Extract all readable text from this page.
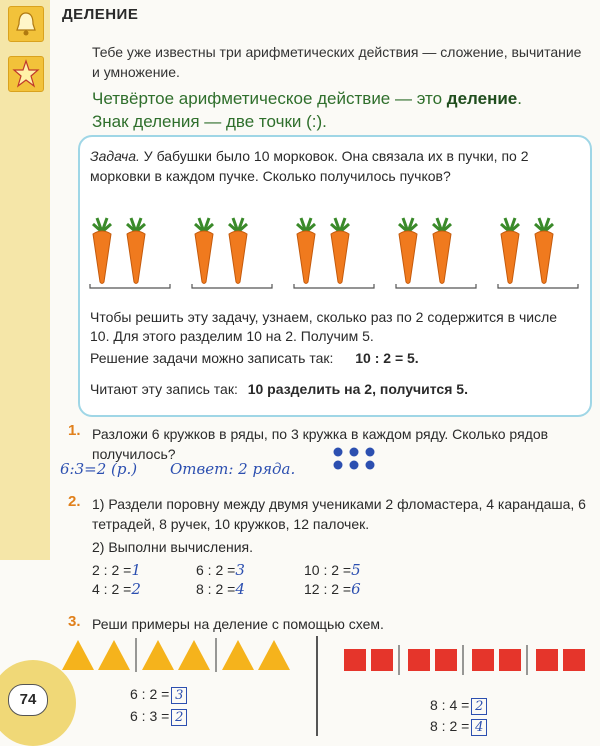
74
ДЕЛЕНИЕ
Тебе уже известны три арифметических действия — сложение, вычитание и умножение.
Четвёртое арифметическое действие — это деление.
Знак деления — две точки (:).
Задача. У бабушки было 10 морковок. Она связала их в пучки, по 2 морковки в каждом пучке. Сколько получилось пучков?
Чтобы решить эту задачу, узнаем, сколько раз по 2 содержится в числе 10. Для этого разделим 10 на 2. Получим 5.
Решение задачи можно записать так: 10 : 2 = 5.
Читают эту запись так: 10 разделить на 2, получится 5.
1. Разложи 6 кружков в ряды, по 3 кружка в каждом ряду. Сколько рядов получилось?
6:3=2 (р.) Ответ: 2 ряда.
2. 1) Раздели поровну между двумя учениками 2 фломастера, 4 карандаша, 6 тетрадей, 8 ручек, 10 кружков, 12 палочек.
2) Выполни вычисления.
2 : 2 =1
4 : 2 =2
6 : 2 =3
8 : 2 =4
10 : 2 =5
12 : 2 =6
3. Реши примеры на деление с помощью схем.
6 : 2 = 3
6 : 3 = 2
8 : 4 = 2
8 : 2 = 4
